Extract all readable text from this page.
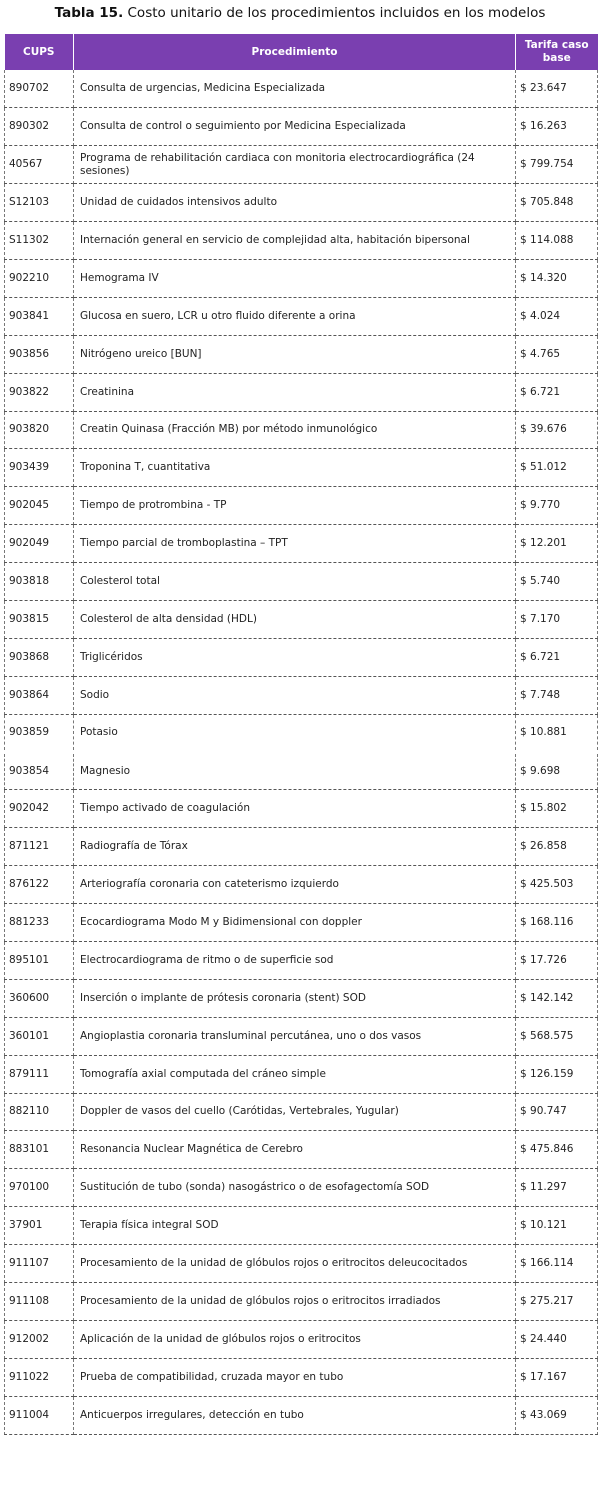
Tabla 15. Costo unitario de los procedimientos incluidos en los modelos
CUPS	Procedimiento	Tarifa caso base
890702	Consulta de urgencias, Medicina Especializada	$ 23.647
890302	Consulta de control o seguimiento por Medicina Especializada	$ 16.263
40567	Programa de rehabilitación cardiaca con monitoria electrocardiográfica (24 sesiones)	$ 799.754
S12103	Unidad de cuidados intensivos adulto	$ 705.848
S11302	Internación general en servicio de complejidad alta, habitación bipersonal	$ 114.088
902210	Hemograma IV	$ 14.320
903841	Glucosa en suero, LCR u otro fluido diferente a orina	$ 4.024
903856	Nitrógeno ureico [BUN]	$ 4.765
903822	Creatinina	$ 6.721
903820	Creatin Quinasa (Fracción MB) por método inmunológico	$ 39.676
903439	Troponina T, cuantitativa	$ 51.012
902045	Tiempo de protrombina - TP	$ 9.770
902049	Tiempo parcial de tromboplastina – TPT	$ 12.201
903818	Colesterol total	$ 5.740
903815	Colesterol de alta densidad (HDL)	$ 7.170
903868	Triglicéridos	$ 6.721
903864	Sodio	$ 7.748
903859	Potasio	$ 10.881
903854	Magnesio	$ 9.698
902042	Tiempo activado de coagulación	$ 15.802
871121	Radiografía de Tórax	$ 26.858
876122	Arteriografía coronaria con cateterismo izquierdo	$ 425.503
881233	Ecocardiograma Modo M y Bidimensional con doppler	$ 168.116
895101	Electrocardiograma de ritmo o de superficie sod	$ 17.726
360600	Inserción o implante de prótesis coronaria (stent) SOD	$ 142.142
360101	Angioplastia coronaria transluminal percutánea, uno o dos vasos	$ 568.575
879111	Tomografía axial computada del cráneo simple	$ 126.159
882110	Doppler de vasos del cuello (Carótidas, Vertebrales, Yugular)	$ 90.747
883101	Resonancia Nuclear Magnética de Cerebro	$ 475.846
970100	Sustitución de tubo (sonda) nasogástrico o de esofagectomía SOD	$ 11.297
37901	Terapia física integral SOD	$ 10.121
911107	Procesamiento de la unidad de glóbulos rojos o eritrocitos deleucocitados	$ 166.114
911108	Procesamiento de la unidad de glóbulos rojos o eritrocitos irradiados	$ 275.217
912002	Aplicación de la unidad de glóbulos rojos o eritrocitos	$ 24.440
911022	Prueba de compatibilidad, cruzada mayor en tubo	$ 17.167
911004	Anticuerpos irregulares, detección en tubo	$ 43.069
